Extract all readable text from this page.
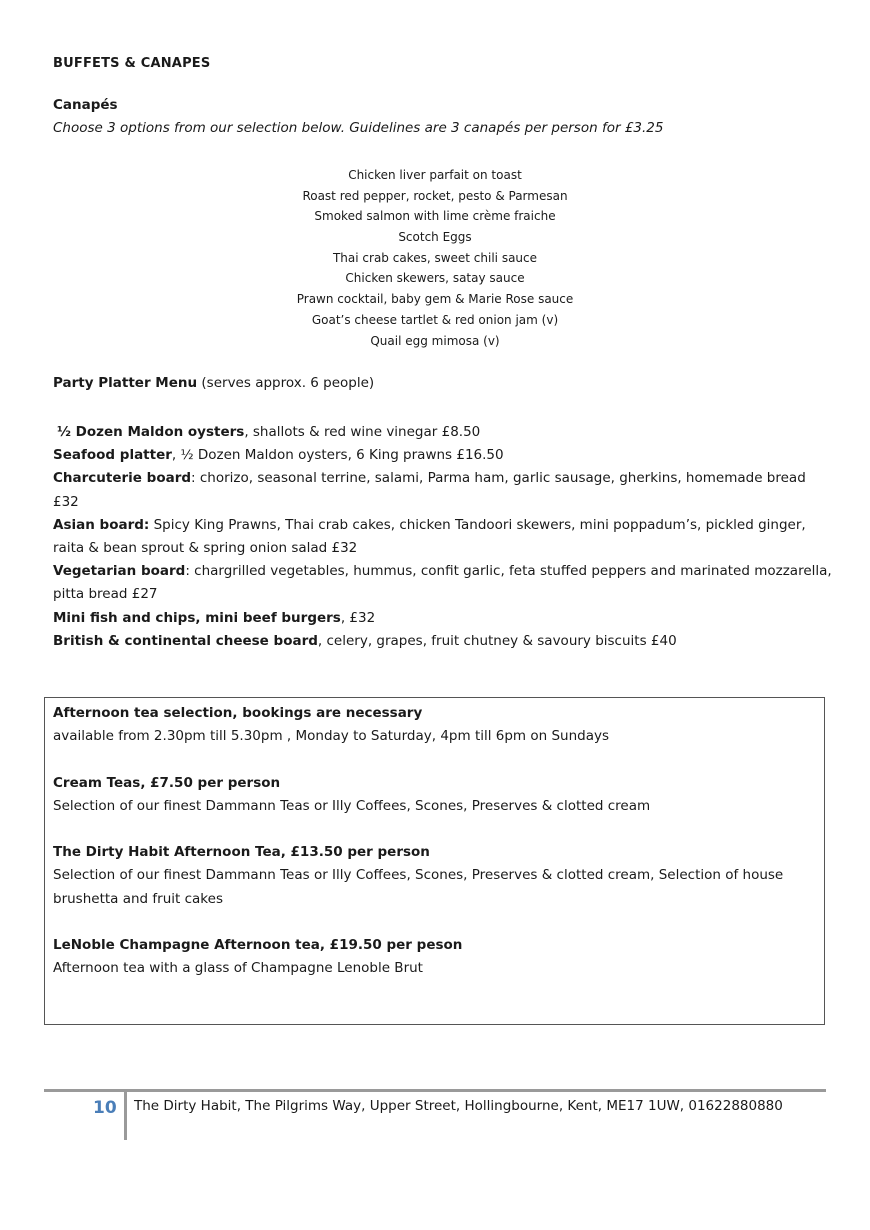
BUFFETS & CANAPES
Canapés
Choose 3 options from our selection below. Guidelines are 3 canapés per person for £3.25
Chicken liver parfait on toast
Roast red pepper, rocket, pesto & Parmesan
Smoked salmon with lime crème fraiche
Scotch Eggs
Thai crab cakes, sweet chili sauce
Chicken skewers, satay sauce
Prawn cocktail, baby gem & Marie Rose sauce
Goat’s cheese tartlet & red onion jam (v)
Quail egg mimosa (v)
Party Platter Menu (serves approx. 6 people)

½ Dozen Maldon oysters, shallots & red wine vinegar £8.50

Seafood platter, ½ Dozen Maldon oysters, 6 King prawns £16.50

Charcuterie board: chorizo, seasonal terrine, salami, Parma ham, garlic sausage, gherkins, homemade bread £32

Asian board: Spicy King Prawns, Thai crab cakes, chicken Tandoori skewers, mini poppadum’s, pickled ginger, raita & bean sprout & spring onion salad £32

Vegetarian board: chargrilled vegetables, hummus, confit garlic, feta stuffed peppers and marinated mozzarella, pitta bread £27

Mini fish and chips, mini beef burgers, £32

British & continental cheese board, celery, grapes, fruit chutney & savoury biscuits £40

Afternoon tea selection, bookings are necessary

available from 2.30pm till 5.30pm , Monday to Saturday, 4pm till 6pm on Sundays

Cream Teas, £7.50 per person

Selection of our finest Dammann Teas or Illy Coffees, Scones, Preserves & clotted cream

The Dirty Habit Afternoon Tea, £13.50 per person

Selection of our finest Dammann Teas or Illy Coffees, Scones, Preserves & clotted cream, Selection of house brushetta and fruit cakes

LeNoble Champagne Afternoon tea, £19.50 per peson

Afternoon tea with a glass of Champagne Lenoble Brut

10 The Dirty Habit, The Pilgrims Way, Upper Street, Hollingbourne, Kent, ME17 1UW, 01622880880
